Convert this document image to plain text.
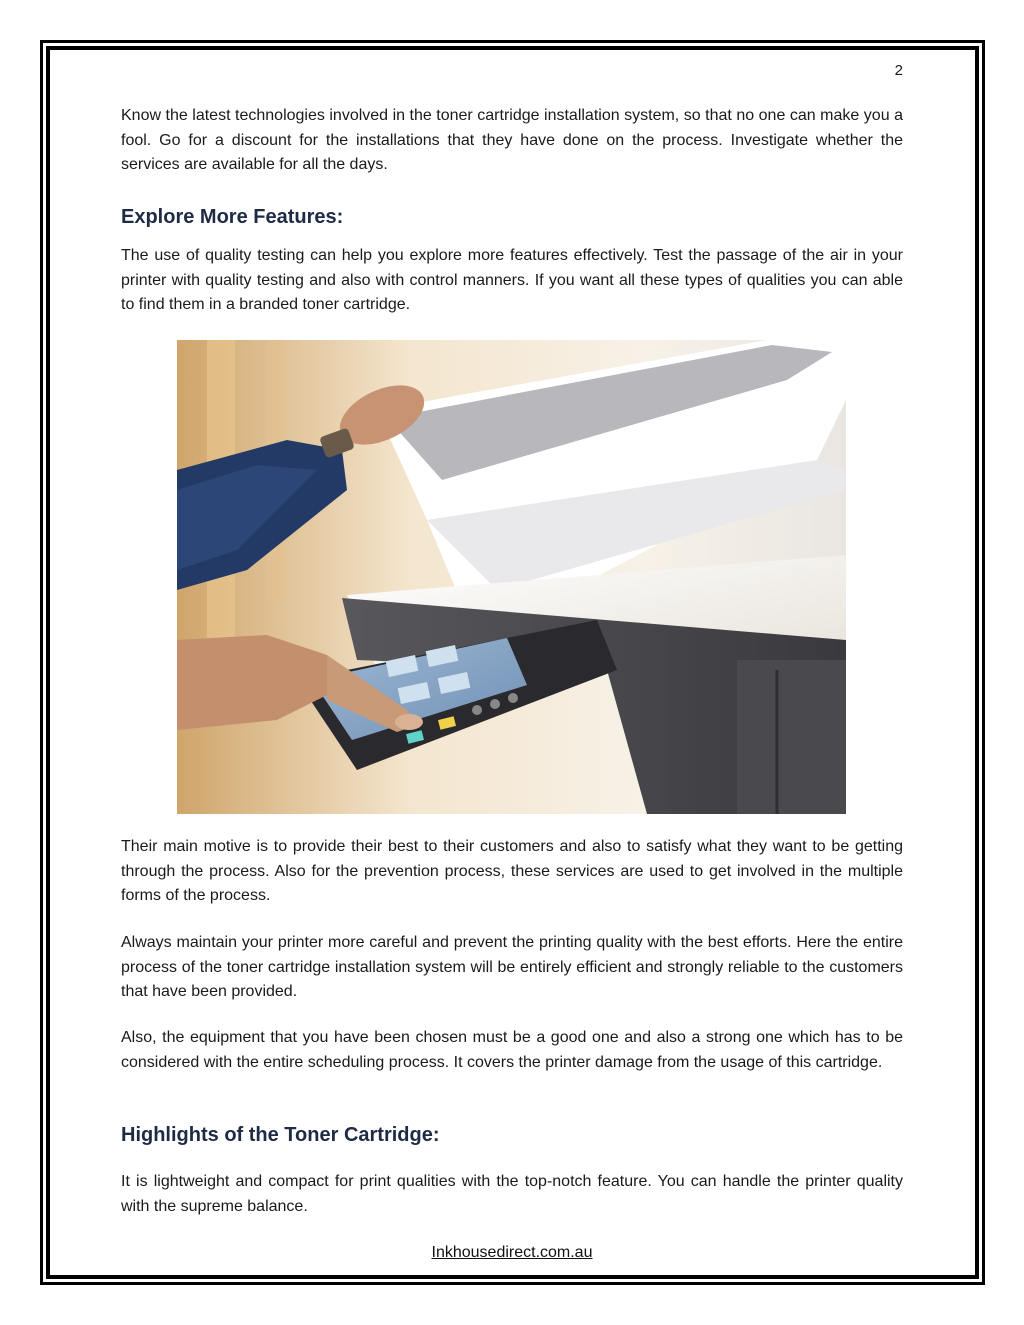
2

Know the latest technologies involved in the toner cartridge installation system, so that no one can make you a fool. Go for a discount for the installations that they have done on the process. Investigate whether the services are available for all the days.

Explore More Features:

The use of quality testing can help you explore more features effectively. Test the passage of the air in your printer with quality testing and also with control manners. If you want all these types of qualities you can able to find them in a branded toner cartridge.

Their main motive is to provide their best to their customers and also to satisfy what they want to be getting through the process. Also for the prevention process, these services are used to get involved in the multiple forms of the process.

Always maintain your printer more careful and prevent the printing quality with the best efforts. Here the entire process of the toner cartridge installation system will be entirely efficient and strongly reliable to the customers that have been provided.

Also, the equipment that you have been chosen must be a good one and also a strong one which has to be considered with the entire scheduling process. It covers the printer damage from the usage of this cartridge.

Highlights of the Toner Cartridge:

It is lightweight and compact for print qualities with the top-notch feature. You can handle the printer quality with the supreme balance.

Inkhousedirect.com.au
